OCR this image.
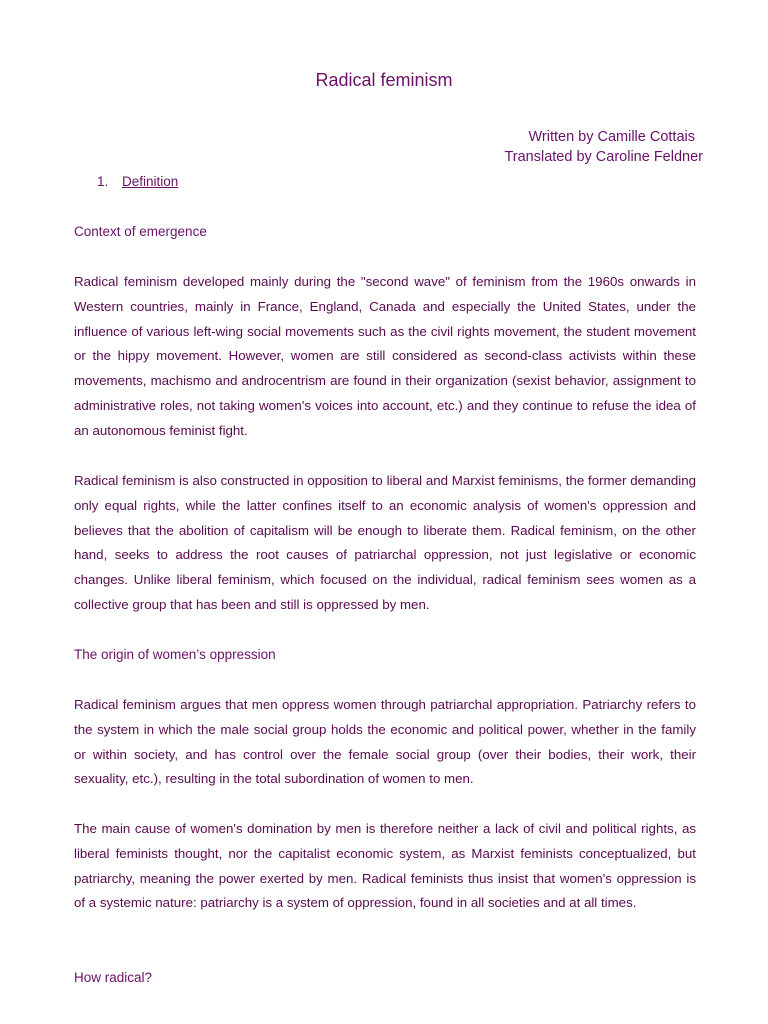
Radical feminism
Written by Camille Cottais
Translated by Caroline Feldner
1. Definition
Context of emergence
Radical feminism developed mainly during the "second wave" of feminism from the 1960s onwards in Western countries, mainly in France, England, Canada and especially the United States, under the influence of various left-wing social movements such as the civil rights movement, the student movement or the hippy movement. However, women are still considered as second-class activists within these movements, machismo and androcentrism are found in their organization (sexist behavior, assignment to administrative roles, not taking women's voices into account, etc.) and they continue to refuse the idea of an autonomous feminist fight.
Radical feminism is also constructed in opposition to liberal and Marxist feminisms, the former demanding only equal rights, while the latter confines itself to an economic analysis of women's oppression and believes that the abolition of capitalism will be enough to liberate them. Radical feminism, on the other hand, seeks to address the root causes of patriarchal oppression, not just legislative or economic changes. Unlike liberal feminism, which focused on the individual, radical feminism sees women as a collective group that has been and still is oppressed by men.
The origin of women’s oppression
Radical feminism argues that men oppress women through patriarchal appropriation. Patriarchy refers to the system in which the male social group holds the economic and political power, whether in the family or within society, and has control over the female social group (over their bodies, their work, their sexuality, etc.), resulting in the total subordination of women to men.
The main cause of women's domination by men is therefore neither a lack of civil and political rights, as liberal feminists thought, nor the capitalist economic system, as Marxist feminists conceptualized, but patriarchy, meaning the power exerted by men. Radical feminists thus insist that women's oppression is of a systemic nature: patriarchy is a system of oppression, found in all societies and at all times.
How radical?
